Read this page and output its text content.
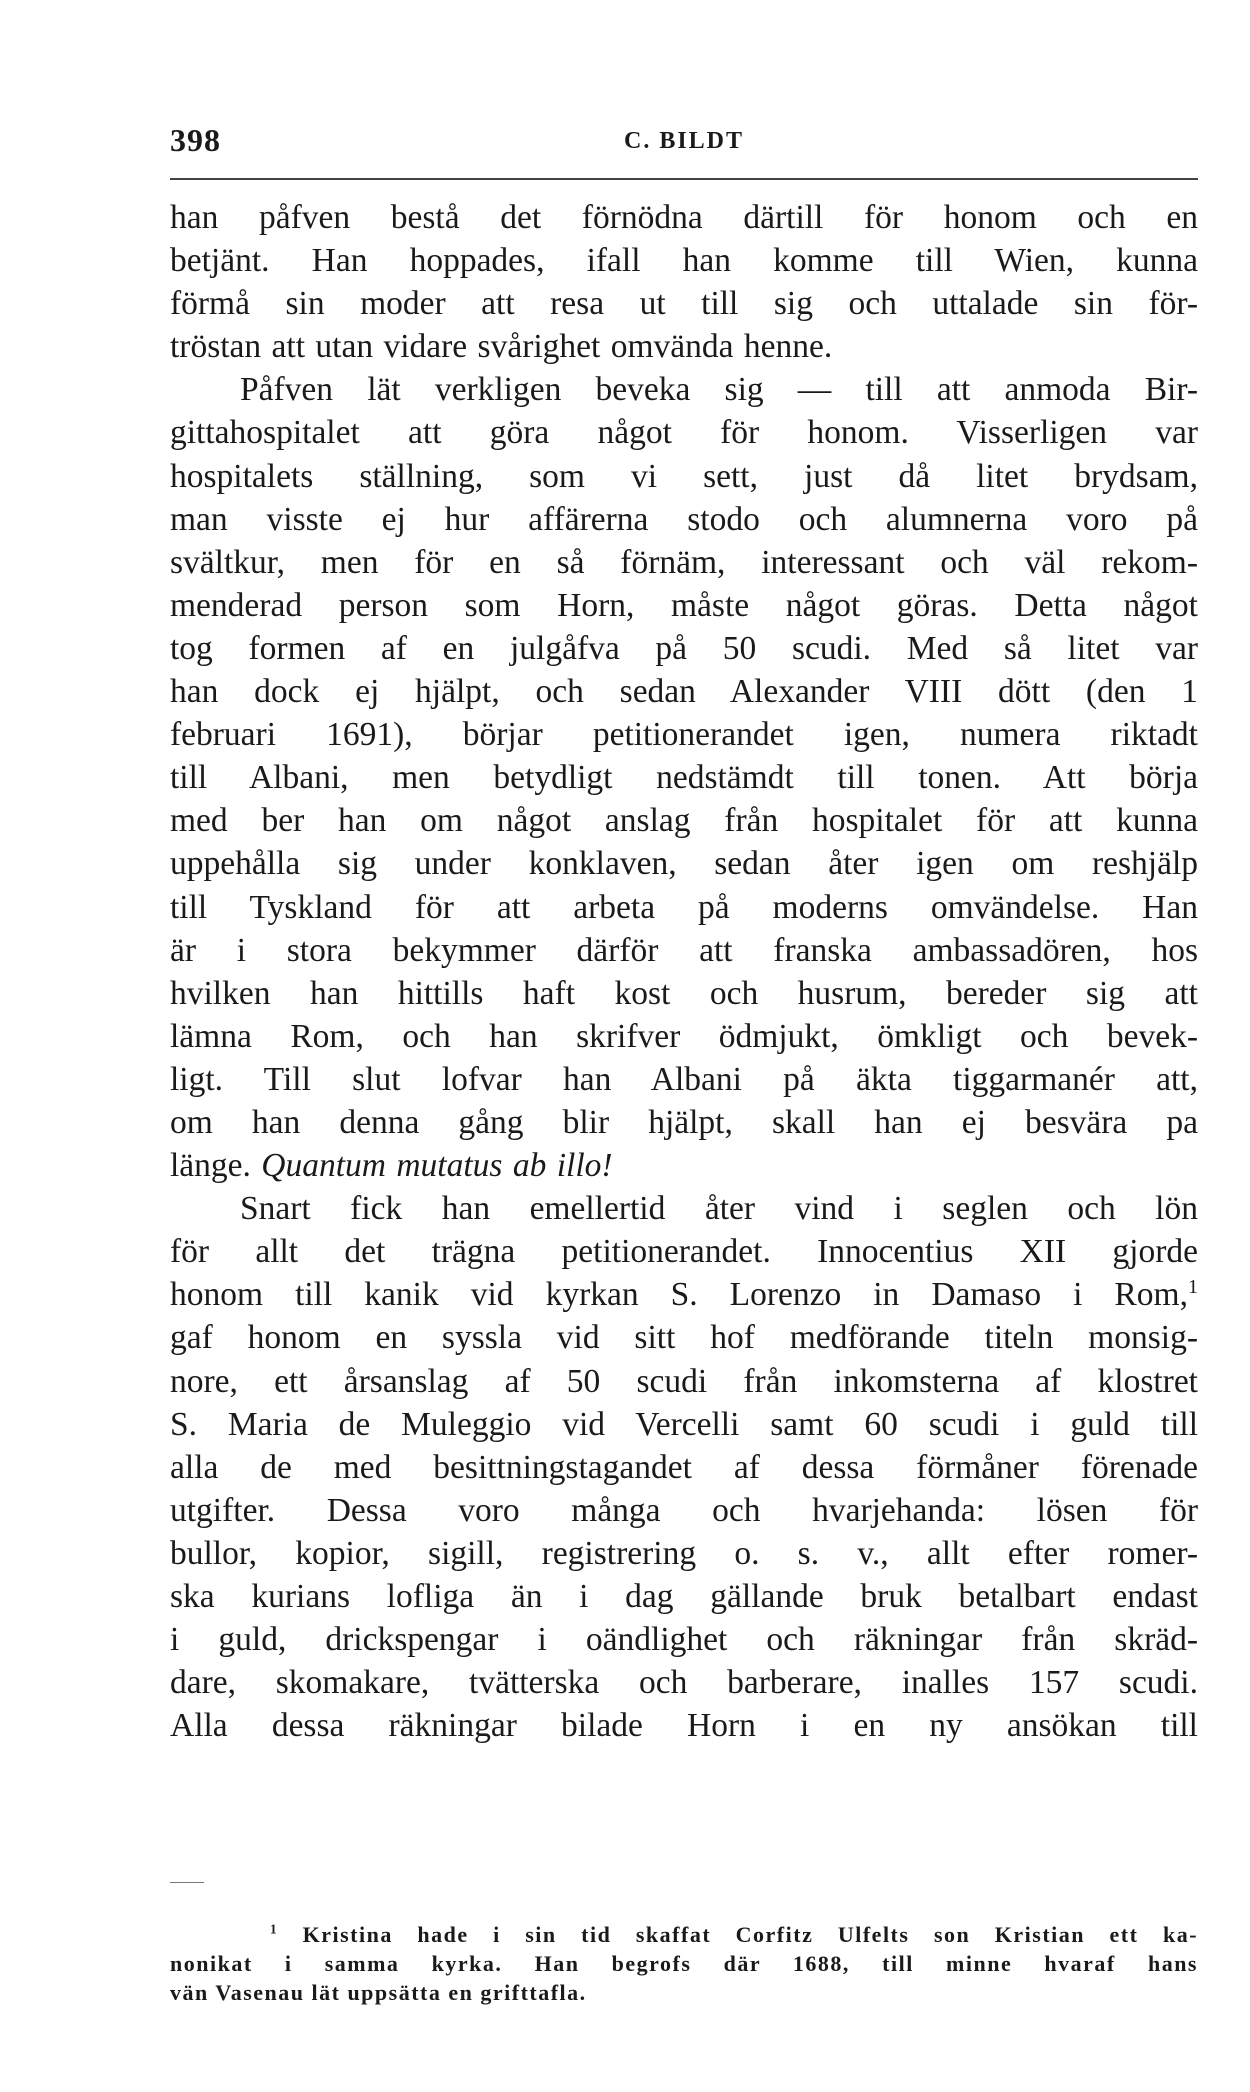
398	C. BILDT
han påfven bestå det förnödna därtill för honom och en
betjänt. Han hoppades, ifall han komme till Wien, kunna
förmå sin moder att resa ut till sig och uttalade sin för-
tröstan att utan vidare svårighet omvända henne.
Påfven lät verkligen beveka sig — till att anmoda Bir-
gittahospitalet att göra något för honom. Visserligen var
hospitalets ställning, som vi sett, just då litet brydsam,
man visste ej hur affärerna stodo och alumnerna voro på
svältkur, men för en så förnäm, interessant och väl rekom-
menderad person som Horn, måste något göras. Detta något
tog formen af en julgåfva på 50 scudi. Med så litet var
han dock ej hjälpt, och sedan Alexander VIII dött (den 1
februari 1691), börjar petitionerandet igen, numera riktadt
till Albani, men betydligt nedstämdt till tonen. Att börja
med ber han om något anslag från hospitalet för att kunna
uppehålla sig under konklaven, sedan åter igen om reshjälp
till Tyskland för att arbeta på moderns omvändelse. Han
är i stora bekymmer därför att franska ambassadören, hos
hvilken han hittills haft kost och husrum, bereder sig att
lämna Rom, och han skrifver ödmjukt, ömkligt och bevek-
ligt. Till slut lofvar han Albani på äkta tiggarmanér att,
om han denna gång blir hjälpt, skall han ej besvära pa
länge. Quantum mutatus ab illo!
Snart fick han emellertid åter vind i seglen och lön
för allt det trägna petitionerandet. Innocentius XII gjorde
honom till kanik vid kyrkan S. Lorenzo in Damaso i Rom,$^1$
gaf honom en syssla vid sitt hof medförande titeln monsig-
nore, ett årsanslag af 50 scudi från inkomsterna af klostret
S. Maria de Muleggio vid Vercelli samt 60 scudi i guld till
alla de med besittningstagandet af dessa förmåner förenade
utgifter. Dessa voro många och hvarjehanda: lösen för
bullor, kopior, sigill, registrering o. s. v., allt efter romer-
ska kurians lofliga än i dag gällande bruk betalbart endast
i guld, drickspengar i oändlighet och räkningar från skräd-
dare, skomakare, tvätterska och barberare, inalles 157 scudi.
Alla dessa räkningar bilade Horn i en ny ansökan till
$^1$ Kristina hade i sin tid skaffat Corfitz Ulfelts son Kristian ett ka-
nonikat i samma kyrka. Han begrofs där 1688, till minne hvaraf hans
vän Vasenau lät uppsätta en grifttafla.
